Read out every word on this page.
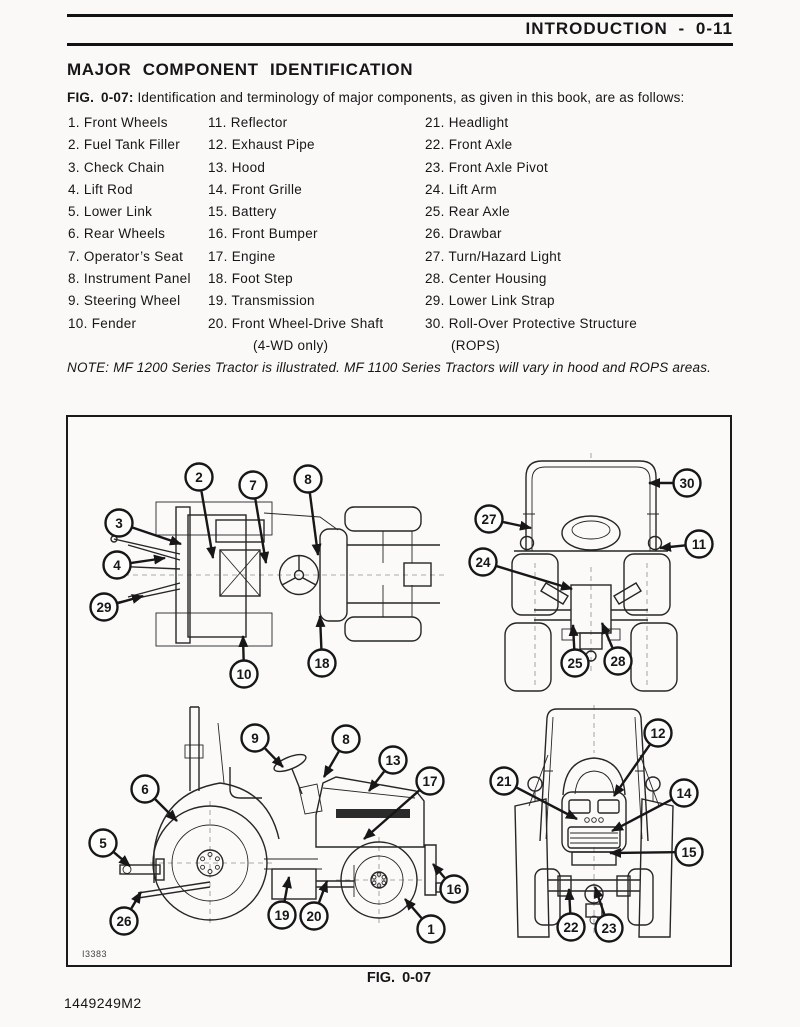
INTRODUCTION - 0-11
MAJOR COMPONENT IDENTIFICATION
FIG. 0-07: Identification and terminology of major components, as given in this book, are as follows:
1. Front Wheels
2. Fuel Tank Filler
3. Check Chain
4. Lift Rod
5. Lower Link
6. Rear Wheels
7. Operator’s Seat
8. Instrument Panel
9. Steering Wheel
10. Fender
11. Reflector
12. Exhaust Pipe
13. Hood
14. Front Grille
15. Battery
16. Front Bumper
17. Engine
18. Foot Step
19. Transmission
20. Front Wheel-Drive Shaft
(4-WD only)
21. Headlight
22. Front Axle
23. Front Axle Pivot
24. Lift Arm
25. Rear Axle
26. Drawbar
27. Turn/Hazard Light
28. Center Housing
29. Lower Link Strap
30. Roll-Over Protective Structure
(ROPS)
NOTE: MF 1200 Series Tractor is illustrated. MF 1100 Series Tractors will vary in hood and ROPS areas.
2
7	8
3
4
29
10
18
30
27
11
24
25 28
9	8
13
17
6
5
26	19 20
16
1
12
21
14
15
22 23
I3383
FIG. 0-07
1449249M2
